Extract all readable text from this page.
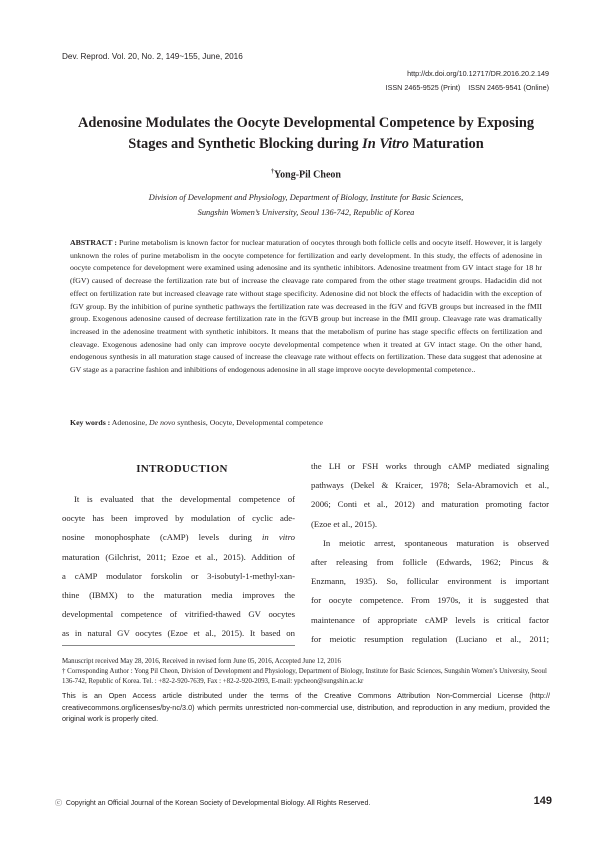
Dev. Reprod. Vol. 20, No. 2, 149~155, June, 2016
http://dx.doi.org/10.12717/DR.2016.20.2.149
ISSN 2465-9525 (Print)    ISSN 2465-9541 (Online)
Adenosine Modulates the Oocyte Developmental Competence by Exposing
Stages and Synthetic Blocking during In Vitro Maturation
†Yong-Pil Cheon
Division of Development and Physiology, Department of Biology, Institute for Basic Sciences,
Sungshin Women’s University, Seoul 136-742, Republic of Korea
ABSTRACT : Purine metabolism is known factor for nuclear maturation of oocytes through both follicle cells and oocyte itself. However, it is largely unknown the roles of purine metabolism in the oocyte competence for fertilization and early development. In this study, the effects of adenosine in oocyte competence for development were examined using adenosine and its synthetic inhibitors. Adenosine treatment from GV intact stage for 18 hr (fGV) caused of decrease the fertilization rate but of increase the cleavage rate compared from the other stage treatment groups. Hadacidin did not effect on fertilization rate but increased cleavage rate without stage specificity. Adenosine did not block the effects of hadacidin with the exception of fGV group. By the inhibition of purine synthetic pathways the fertilization rate was decreased in the fGV and fGVB groups but increased in the fMII group. Exogenous adenosine caused of decrease fertilization rate in the fGVB group but increase in the fMII group. Cleavage rate was dramatically increased in the adenosine treatment with synthetic inhibitors. It means that the metabolism of purine has stage specific effects on fertilization and cleavage. Exogenous adenosine had only can improve oocyte developmental competence when it treated at GV intact stage. On the other hand, endogenous synthesis in all maturation stage caused of increase the cleavage rate without effects on fertilization. These data suggest that adenosine at GV stage as a paracrine fashion and inhibitions of endogenous adenosine in all stage improve oocyte developmental competence..
Key words : Adenosine, De novo synthesis, Oocyte, Developmental competence
INTRODUCTION
It is evaluated that the developmental competence of
oocyte has been improved by modulation of cyclic ade-
nosine monophosphate (cAMP) levels during in vitro
maturation (Gilchrist, 2011; Ezoe et al., 2015). Addition of
a cAMP modulator forskolin or 3-isobutyl-1-methyl-xan-
thine (IBMX) to the maturation media improves the
developmental competence of vitrified-thawed GV oocytes
as in natural GV oocytes (Ezoe et al., 2015). It based on
the LH or FSH works through cAMP mediated signaling
pathways (Dekel & Kraicer, 1978; Sela-Abramovich et al.,
2006; Conti et al., 2012) and maturation promoting factor
(Ezoe et al., 2015).
In meiotic arrest, spontaneous maturation is observed
after releasing from follicle (Edwards, 1962; Pincus &
Enzmann, 1935). So, follicular environment is important
for oocyte competence. From 1970s, it is suggested that
maintenance of appropriate cAMP levels is critical factor
for meiotic resumption regulation (Luciano et al., 2011;

Manuscript received May 28, 2016, Received in revised form June 05, 2016, Accepted June 12, 2016

† Corresponding Author : Yong Pil Cheon, Division of Development and Physiology, Department of Biology, Institute for Basic Sciences, Sungshin Women’s University, Seoul 136-742, Republic of Korea. Tel. : +82-2-920-7639, Fax : +82-2-920-2093, E-mail: ypcheon@sungshin.ac.kr

This is an Open Access article distributed under the terms of the Creative Commons Attribution Non-Commercial License (http:// creativecommons.org/licenses/by-nc/3.0) which permits unrestricted non-commercial use, distribution, and reproduction in any medium, provided the original work is properly cited.
ⓒ  Copyright an Official Journal of the Korean Society of Developmental Biology. All Rights Reserved.	149
